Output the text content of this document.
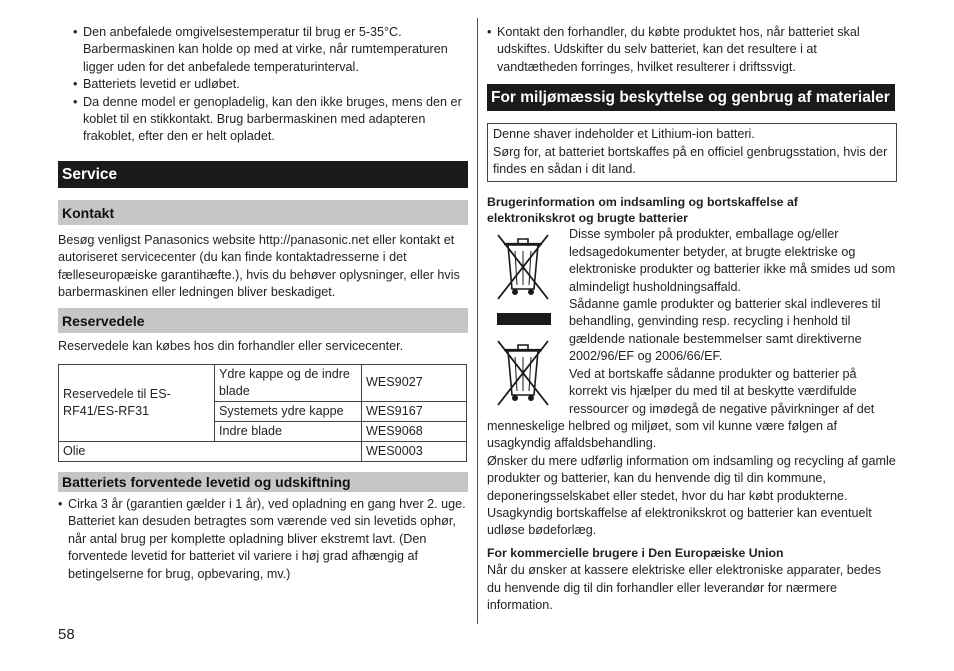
• Den anbefalede omgivelsestemperatur til brug er 5-35°C. Barbermaskinen kan holde op med at virke, når rumtemperaturen ligger uden for det anbefalede temperaturinterval.
• Batteriets levetid er udløbet.
• Da denne model er genopladelig, kan den ikke bruges, mens den er koblet til en stikkontakt. Brug barbermaskinen med adapteren frakoblet, efter den er helt opladet.
Service
Kontakt

Besøg venligst Panasonics website http://panasonic.net eller kontakt et autoriseret servicecenter (du kan finde kontaktadresserne i det fælleseuropæiske garantihæfte.), hvis du behøver oplysninger, eller hvis barbermaskinen eller ledningen bliver beskadiget.

Reservedele

Reservedele kan købes hos din forhandler eller servicecenter.

Reservedele til ES-RF41/ES-RF31	Ydre kappe og de indre blade	WES9027
	Systemets ydre kappe	WES9167
	Indre blade	WES9068
Olie		WES0003
Batteriets forventede levetid og udskiftning
• Cirka 3 år (garantien gælder i 1 år), ved opladning en gang hver 2. uge. Batteriet kan desuden betragtes som værende ved sin levetids ophør, når antal brug per komplette opladning bliver ekstremt lavt. (Den forventede levetid for batteriet vil variere i høj grad afhængig af betingelserne for brug, opbevaring, mv.)
• Kontakt den forhandler, du købte produktet hos, når batteriet skal udskiftes. Udskifter du selv batteriet, kan det resultere i at vandtætheden forringes, hvilket resulterer i driftssvigt.
For miljømæssig beskyttelse og genbrug af materialer
Denne shaver indeholder et Lithium-ion batteri.
Sørg for, at batteriet bortskaffes på en officiel genbrugsstation, hvis der findes en sådan i dit land.
Brugerinformation om indsamling og bortskaffelse af elektronikskrot og brugte batterier
Disse symboler på produkter, emballage og/eller ledsagedokumenter betyder, at brugte elektriske og elektroniske produkter og batterier ikke må smides ud som almindeligt husholdningsaffald.
Sådanne gamle produkter og batterier skal indleveres til behandling, genvinding resp. recycling i henhold til gældende nationale bestemmelser samt direktiverne 2002/96/EF og 2006/66/EF.
Ved at bortskaffe sådanne produkter og batterier på korrekt vis hjælper du med til at beskytte værdifulde ressourcer og imødegå de negative påvirkninger af det menneskelige helbred og miljøet, som vil kunne være følgen af usagkyndig affaldsbehandling.
Ønsker du mere udførlig information om indsamling og recycling af gamle produkter og batterier, kan du henvende dig til din kommune, deponeringsselskabet eller stedet, hvor du har købt produkterne.
Usagkyndig bortskaffelse af elektronikskrot og batterier kan eventuelt udløse bødeforlæg.
For kommercielle brugere i Den Europæiske Union
Når du ønsker at kassere elektriske eller elektroniske apparater, bedes du henvende dig til din forhandler eller leverandør for nærmere information.
58
